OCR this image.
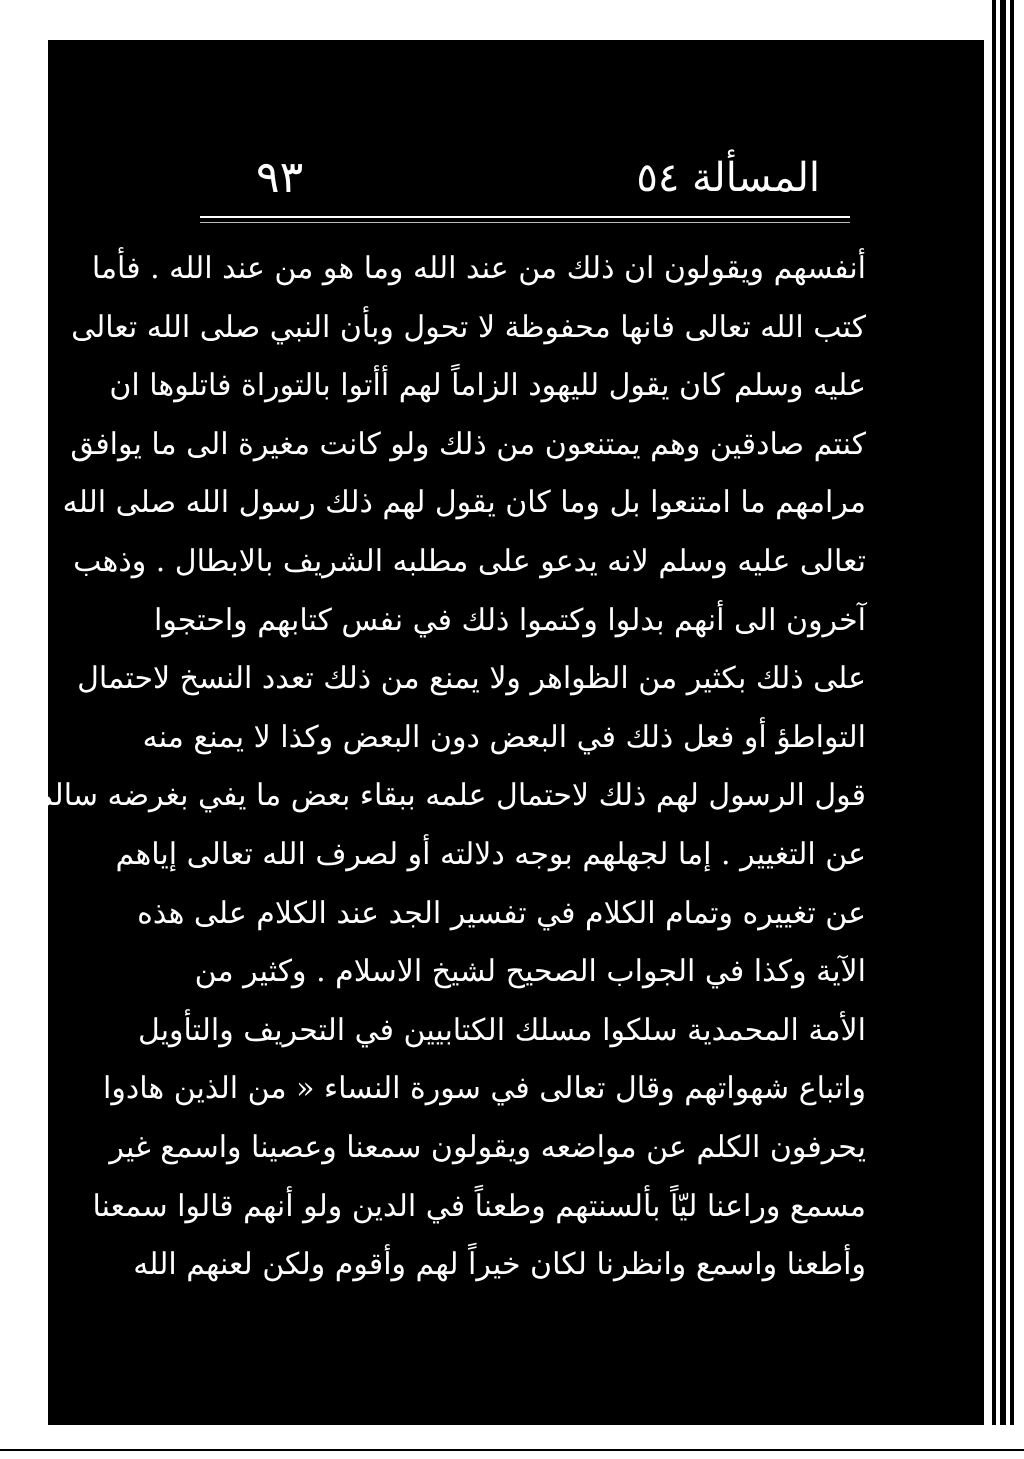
٩٣	المسألة ٥٤
أنفسهم ويقولون ان ذلك من عند الله وما هو من عند الله . فأما
كتب الله تعالى فانها محفوظة لا تحول وبأن النبي صلى الله تعالى
عليه وسلم كان يقول لليهود الزاماً لهم أأتوا بالتوراة فاتلوها ان
كنتم صادقين وهم يمتنعون من ذلك ولو كانت مغيرة الى ما يوافق
مرامهم ما امتنعوا بل وما كان يقول لهم ذلك رسول الله صلى الله
تعالى عليه وسلم لانه يدعو على مطلبه الشريف بالابطال . وذهب
آخرون الى أنهم بدلوا وكتموا ذلك في نفس كتابهم واحتجوا
على ذلك بكثير من الظواهر ولا يمنع من ذلك تعدد النسخ لاحتمال
التواطؤ أو فعل ذلك في البعض دون البعض وكذا لا يمنع منه
قول الرسول لهم ذلك لاحتمال علمه ببقاء بعض ما يفي بغرضه سالماً
عن التغيير . إما لجهلهم بوجه دلالته أو لصرف الله تعالى إياهم
عن تغييره وتمام الكلام في تفسير الجد عند الكلام على هذه
الآية وكذا في الجواب الصحيح لشيخ الاسلام . وكثير من
الأمة المحمدية سلكوا مسلك الكتابيين في التحريف والتأويل
واتباع شهواتهم وقال تعالى في سورة النساء « من الذين هادوا
يحرفون الكلم عن مواضعه ويقولون سمعنا وعصينا واسمع غير
مسمع وراعنا ليّاً بألسنتهم وطعناً في الدين ولو أنهم قالوا سمعنا
وأطعنا واسمع وانظرنا لكان خيراً لهم وأقوم ولكن لعنهم الله
